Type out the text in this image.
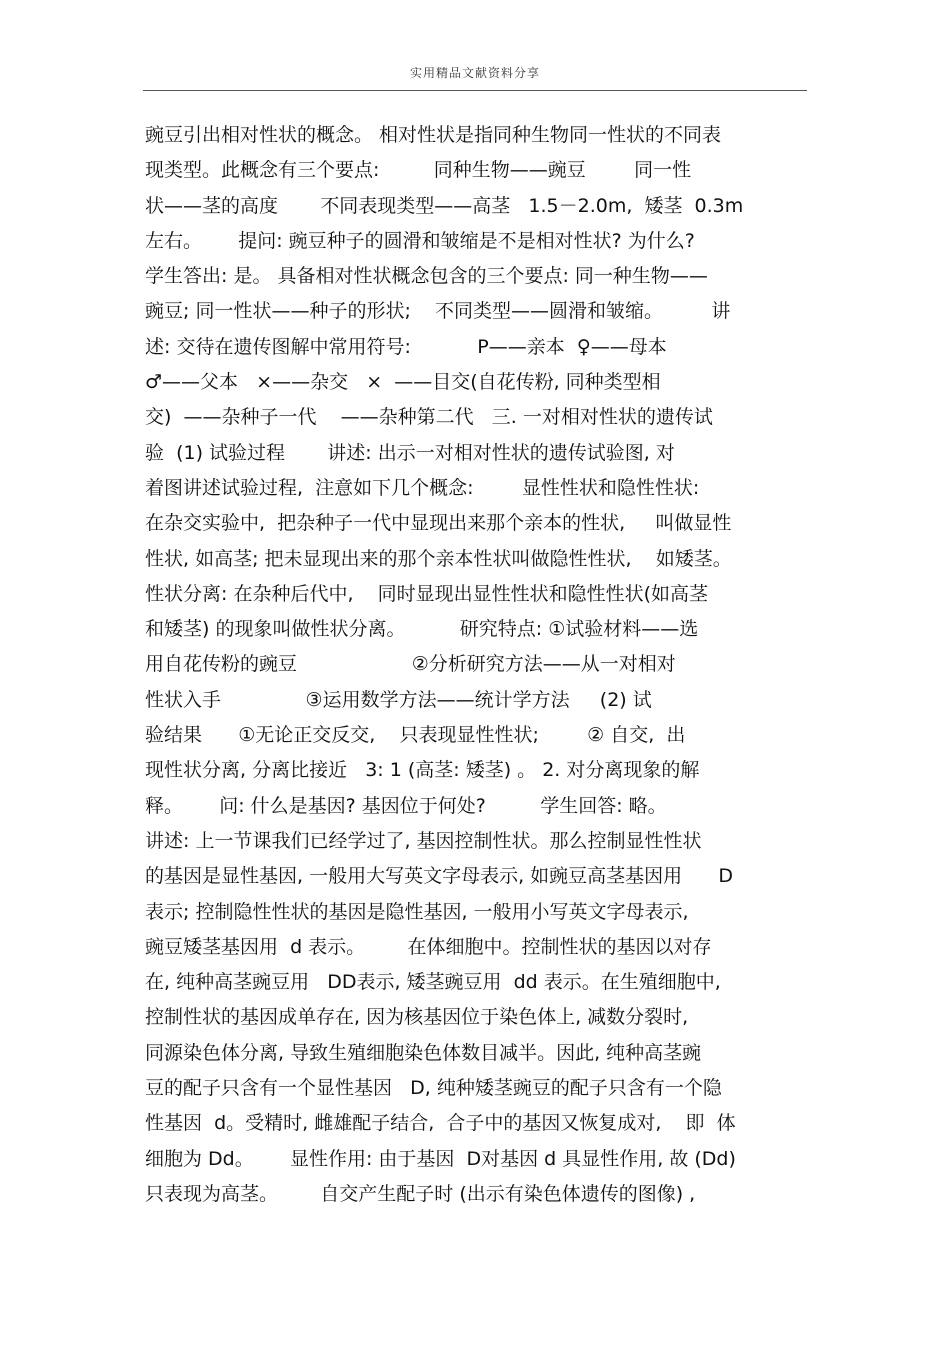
实用精品文献资料分享
豌豆引出相对性状的概念。 相对性状是指同种生物同一性状的不同表
现类型。此概念有三个要点:         同种生物——豌豆        同一性
状——茎的高度       不同表现类型——高茎   1.5－2.0m,  矮茎  0.3m
左右。      提问: 豌豆种子的圆滑和皱缩是不是相对性状? 为什么?
学生答出: 是。 具备相对性状概念包含的三个要点: 同一种生物——
豌豆; 同一性状——种子的形状;    不同类型——圆滑和皱缩。        讲
述: 交待在遗传图解中常用符号:           P——亲本  ♀——母本
♂——父本   ×——杂交   ×  ——目交(自花传粉, 同种类型相
交)  ——杂种子一代    ——杂种第二代   三. 一对相对性状的遗传试
验  (1) 试验过程       讲述: 出示一对相对性状的遗传试验图, 对
着图讲述试验过程,  注意如下几个概念:        显性性状和隐性性状:
在杂交实验中,  把杂种子一代中显现出来那个亲本的性状,     叫做显性
性状, 如高茎; 把未显现出来的那个亲本性状叫做隐性性状,    如矮茎。
性状分离: 在杂种后代中,    同时显现出显性性状和隐性性状(如高茎
和矮茎) 的现象叫做性状分离。         研究特点: ①试验材料——选
用自花传粉的豌豆                   ②分析研究方法——从一对相对
性状入手              ③运用数学方法——统计学方法     (2) 试
验结果      ①无论正交反交,    只表现显性性状;        ② 自交,  出
现性状分离, 分离比接近   3: 1 (高茎: 矮茎) 。 2. 对分离现象的解
释。      问: 什么是基因? 基因位于何处?         学生回答: 略。
讲述: 上一节课我们已经学过了, 基因控制性状。那么控制显性性状
的基因是显性基因, 一般用大写英文字母表示, 如豌豆高茎基因用      D
表示; 控制隐性性状的基因是隐性基因, 一般用小写英文字母表示,
豌豆矮茎基因用  d 表示。       在体细胞中。控制性状的基因以对存
在, 纯种高茎豌豆用   DD表示, 矮茎豌豆用  dd 表示。在生殖细胞中,
控制性状的基因成单存在, 因为核基因位于染色体上, 减数分裂时,
同源染色体分离, 导致生殖细胞染色体数目减半。因此, 纯种高茎豌
豆的配子只含有一个显性基因   D, 纯种矮茎豌豆的配子只含有一个隐
性基因  d。受精时, 雌雄配子结合,  合子中的基因又恢复成对,    即  体
细胞为 Dd。      显性作用: 由于基因  D对基因 d 具显性作用, 故 (Dd)
只表现为高茎。       自交产生配子时 (出示有染色体遗传的图像) ,
